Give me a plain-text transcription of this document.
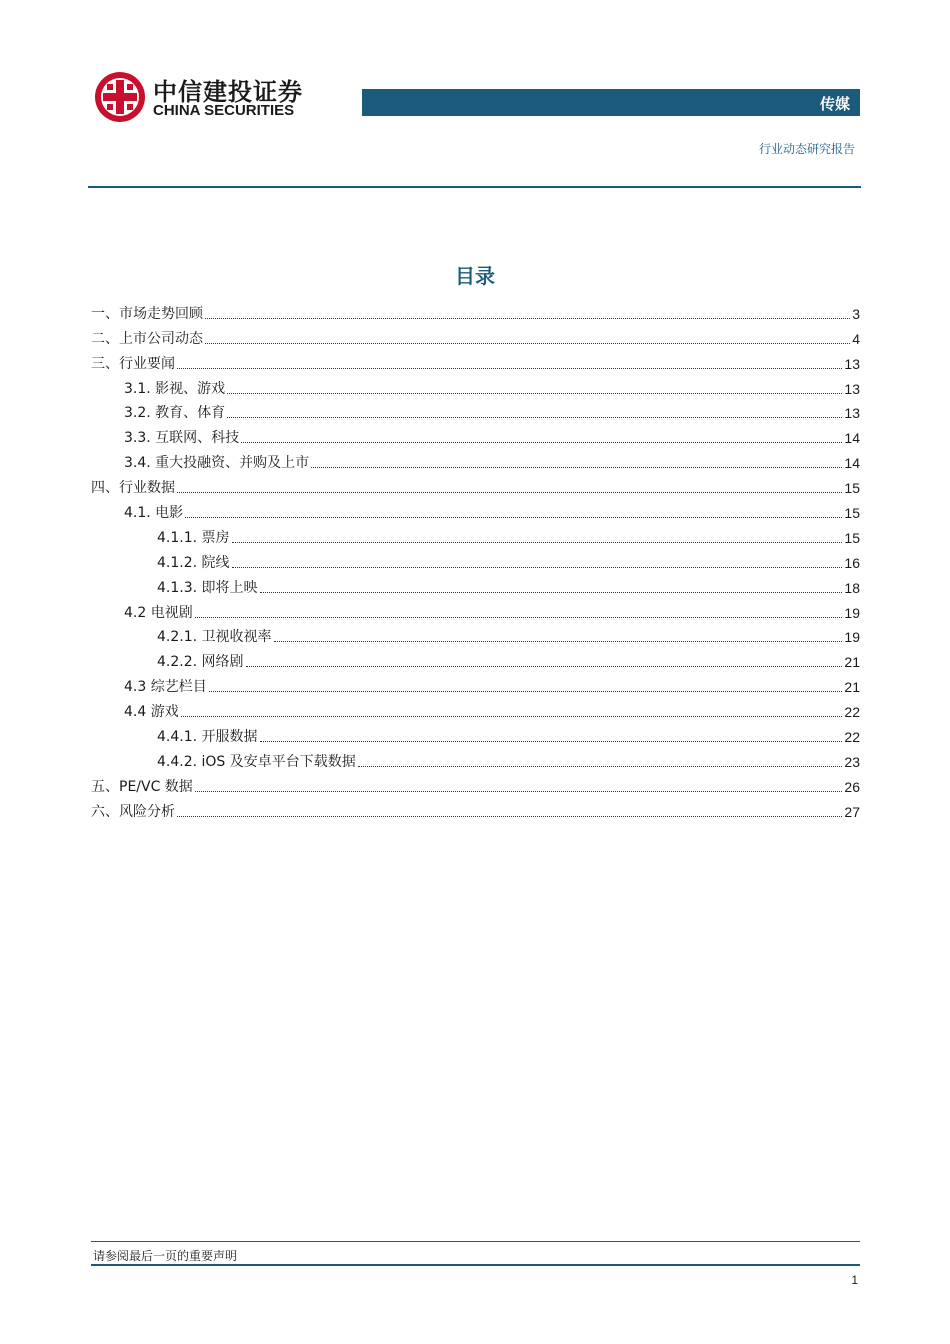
中信建投证券
CHINA SECURITIES	传媒
行业动态研究报告
目录
一、市场走势回顾	3
二、上市公司动态	4
三、行业要闻	13
3.1. 影视、游戏	13
3.2. 教育、体育	13
3.3. 互联网、科技	14
3.4. 重大投融资、并购及上市	14
四、行业数据	15
4.1. 电影	15
4.1.1. 票房	15
4.1.2. 院线	16
4.1.3. 即将上映	18
4.2 电视剧	19
4.2.1. 卫视收视率	19
4.2.2. 网络剧	21
4.3 综艺栏目	21
4.4 游戏	22
4.4.1. 开服数据	22
4.4.2. iOS 及安卓平台下载数据	23
五、PE/VC 数据	26
六、风险分析	27
请参阅最后一页的重要声明
1
